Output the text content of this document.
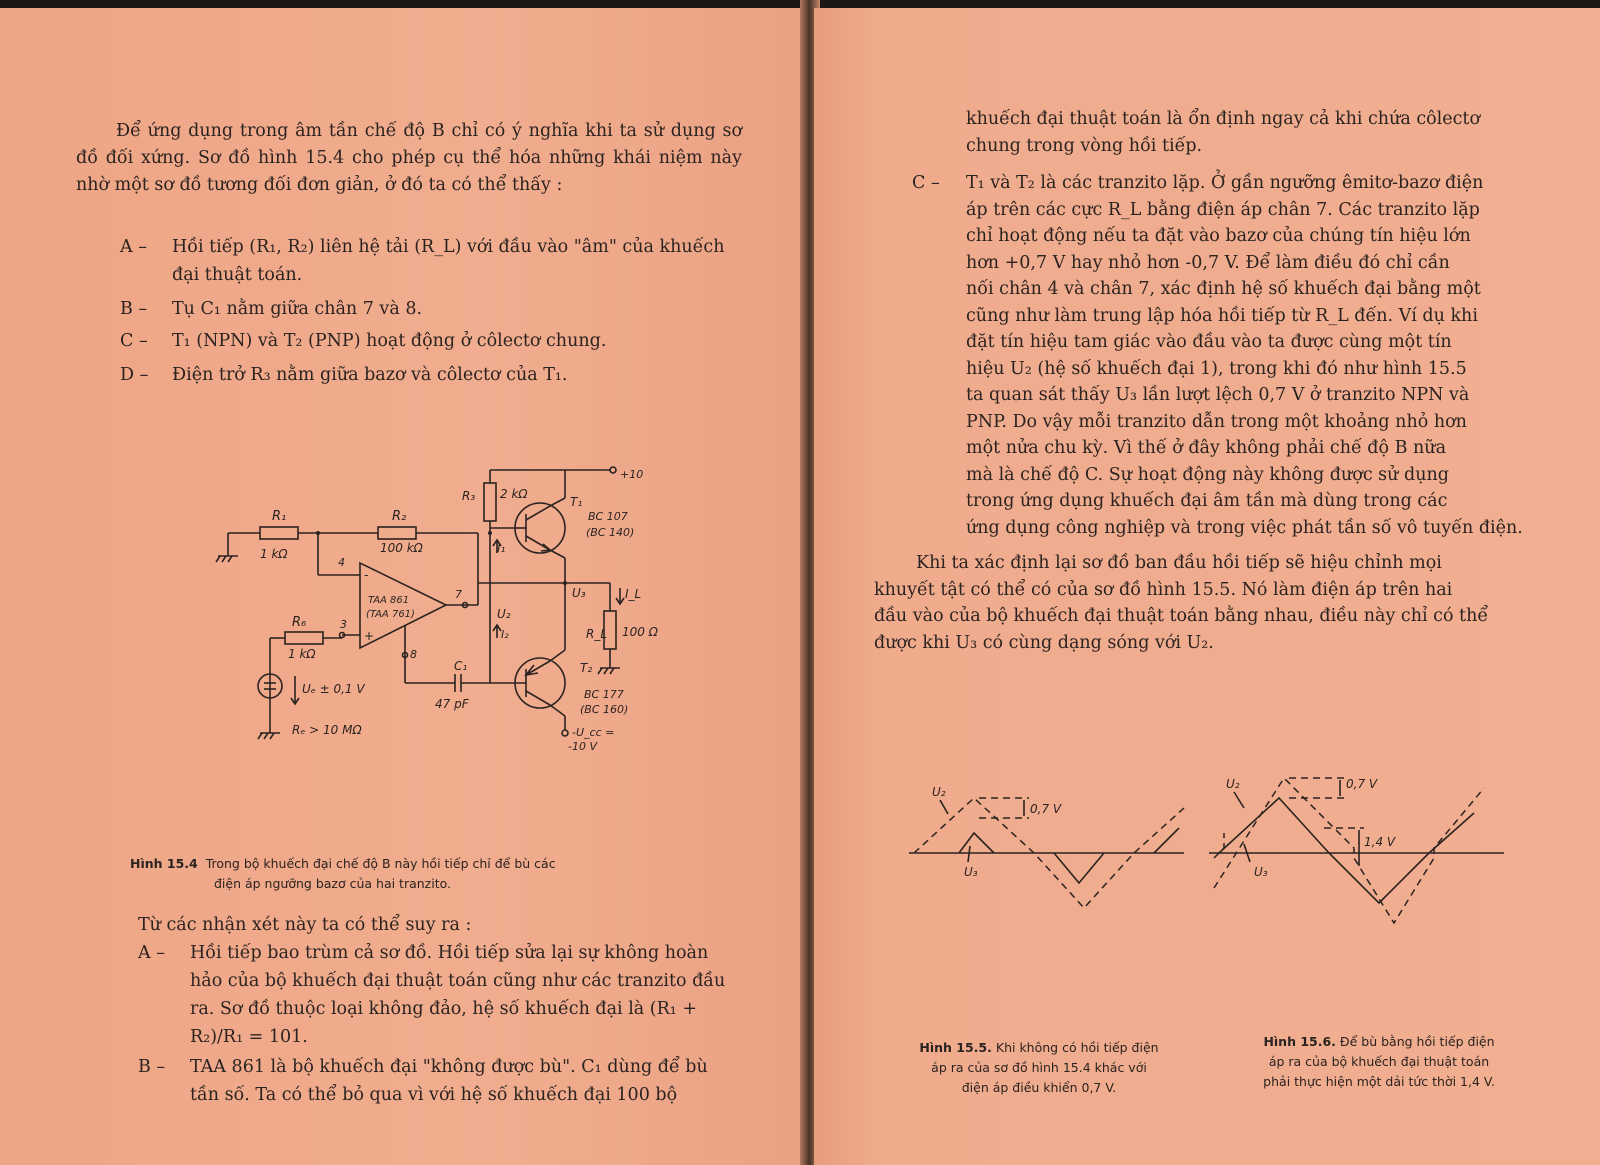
Để ứng dụng trong âm tần chế độ B chỉ có ý nghĩa khi ta sử dụng sơ đồ đối xứng. Sơ đồ hình 15.4 cho phép cụ thể hóa những khái niệm này nhờ một sơ đồ tương đối đơn giản, ở đó ta có thể thấy :

A – Hồi tiếp (R₁, R₂) liên hệ tải (R_L) với đầu vào "âm" của khuếch

đại thuật toán.

B – Tụ C₁ nằm giữa chân 7 và 8.

C – T₁ (NPN) và T₂ (PNP) hoạt động ở côlectơ chung.

D – Điện trở R₃ nằm giữa bazơ và côlectơ của T₁.

R₁
1 kΩ
R₂
100 kΩ
R₃ 2 kΩ
R₆
1 kΩ
R_L 100 Ω
T₁
BC 107
(BC 140)
T₂
BC 177
(BC 160)
TAA 861
(TAA 761)
4
3
7
8
-
+
C₁
47 pF
I₁
I₂
I_L
U₂
U₃
Uₑ ± 0,1 V
Rₑ > 10 MΩ
+10
-U_cc =
-10 V

Hình 15.4 Trong bộ khuếch đại chế độ B này hồi tiếp chỉ để bù các
điện áp ngưỡng bazơ của hai tranzito.

Từ các nhận xét này ta có thể suy ra :

A – Hồi tiếp bao trùm cả sơ đồ. Hồi tiếp sửa lại sự không hoàn

hảo của bộ khuếch đại thuật toán cũng như các tranzito đầu

ra. Sơ đồ thuộc loại không đảo, hệ số khuếch đại là (R₁ +

R₂)/R₁ = 101.

B – TAA 861 là bộ khuếch đại "không được bù". C₁ dùng để bù

tần số. Ta có thể bỏ qua vì với hệ số khuếch đại 100 bộ

khuếch đại thuật toán là ổn định ngay cả khi chứa côlectơ

chung trong vòng hồi tiếp.

C – T₁ và T₂ là các tranzito lặp. Ở gần ngưỡng êmitơ-bazơ điện

áp trên các cực R_L bằng điện áp chân 7. Các tranzito lặp

chỉ hoạt động nếu ta đặt vào bazơ của chúng tín hiệu lớn

hơn +0,7 V hay nhỏ hơn -0,7 V. Để làm điều đó chỉ cần

nối chân 4 và chân 7, xác định hệ số khuếch đại bằng một

cũng như làm trung lập hóa hồi tiếp từ R_L đến. Ví dụ khi

đặt tín hiệu tam giác vào đầu vào ta được cùng một tín

hiệu U₂ (hệ số khuếch đại 1), trong khi đó như hình 15.5

ta quan sát thấy U₃ lần lượt lệch 0,7 V ở tranzito NPN và

PNP. Do vậy mỗi tranzito dẫn trong một khoảng nhỏ hơn

một nửa chu kỳ. Vì thế ở đây không phải chế độ B nữa

mà là chế độ C. Sự hoạt động này không được sử dụng

trong ứng dụng khuếch đại âm tần mà dùng trong các

ứng dụng công nghiệp và trong việc phát tần số vô tuyến điện.

Khi ta xác định lại sơ đồ ban đầu hồi tiếp sẽ hiệu chỉnh mọi

khuyết tật có thể có của sơ đồ hình 15.5. Nó làm điện áp trên hai

đầu vào của bộ khuếch đại thuật toán bằng nhau, điều này chỉ có thể

được khi U₃ có cùng dạng sóng với U₂.

U₂
U₃
0,7 V
U₂
U₃
0,7 V
1,4 V

Hình 15.5. Khi không có hồi tiếp điện
áp ra của sơ đồ hình 15.4 khác với
điện áp điều khiển 0,7 V.

Hình 15.6. Để bù bằng hồi tiếp điện
áp ra của bộ khuếch đại thuật toán
phải thực hiện một dải tức thời 1,4 V.
